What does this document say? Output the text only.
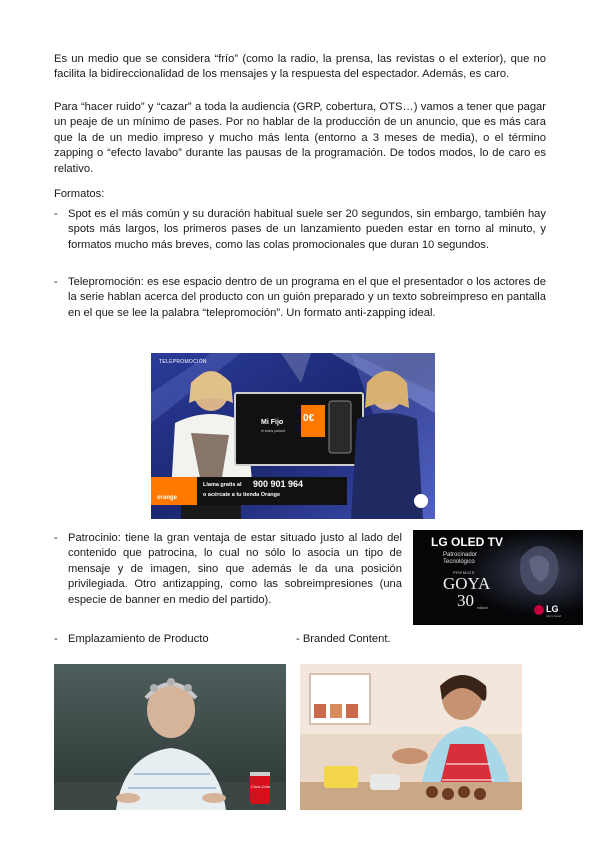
Es un medio que se considera “frío” (como la radio, la prensa, las revistas o el exterior), que no facilita la bidireccionalidad de los mensajes y la respuesta del espectador. Además, es caro.

Para “hacer ruido” y “cazar” a toda la audiencia (GRP, cobertura, OTS…) vamos a tener que pagar un peaje de un mínimo de pases. Por no hablar de la producción de un anuncio, que es más cara que la de un medio impreso y mucho más lenta (entorno a 3 meses de media), o el término zapping o “efecto lavabo” durante las pausas de la programación. De todos modos, lo de caro es relativo.

Formatos:

- Spot es el más común y su duración habitual suele ser 20 segundos, sin embargo, también hay spots más largos, los primeros pases de un lanzamiento pueden estar en torno al minuto, y formatos mucho más breves, como las colas promocionales que duran 10 segundos.

- Telepromoción: es ese espacio dentro de un programa en el que el presentador o los actores de la serie hablan acerca del producto con un guión preparado y un texto sobreimpreso en pantalla en el que se lee la palabra “telepromoción”. Un formato anti-zapping ideal.

TELEPROMOCIÓN
Mi Fijo
el todos parlant
0€
Llama gratis al 900 901 964
o acércate a tu tienda Orange
orange
- Patrocinio: tiene la gran ventaja de estar situado justo al lado del contenido que patrocina, lo cual no sólo lo asocia un tipo de mensaje y de imagen, sino que además le da una posición privilegiada. Otro antizapping, como las sobreimpresiones (una especie de banner en medio del partido).

LG OLED TV
Patrocinador
Tecnológico
PREMIOS
GOYA
30 edición	LG
Life's Good
- Emplazamiento de Producto	- Branded Content.

Coca-Cola
